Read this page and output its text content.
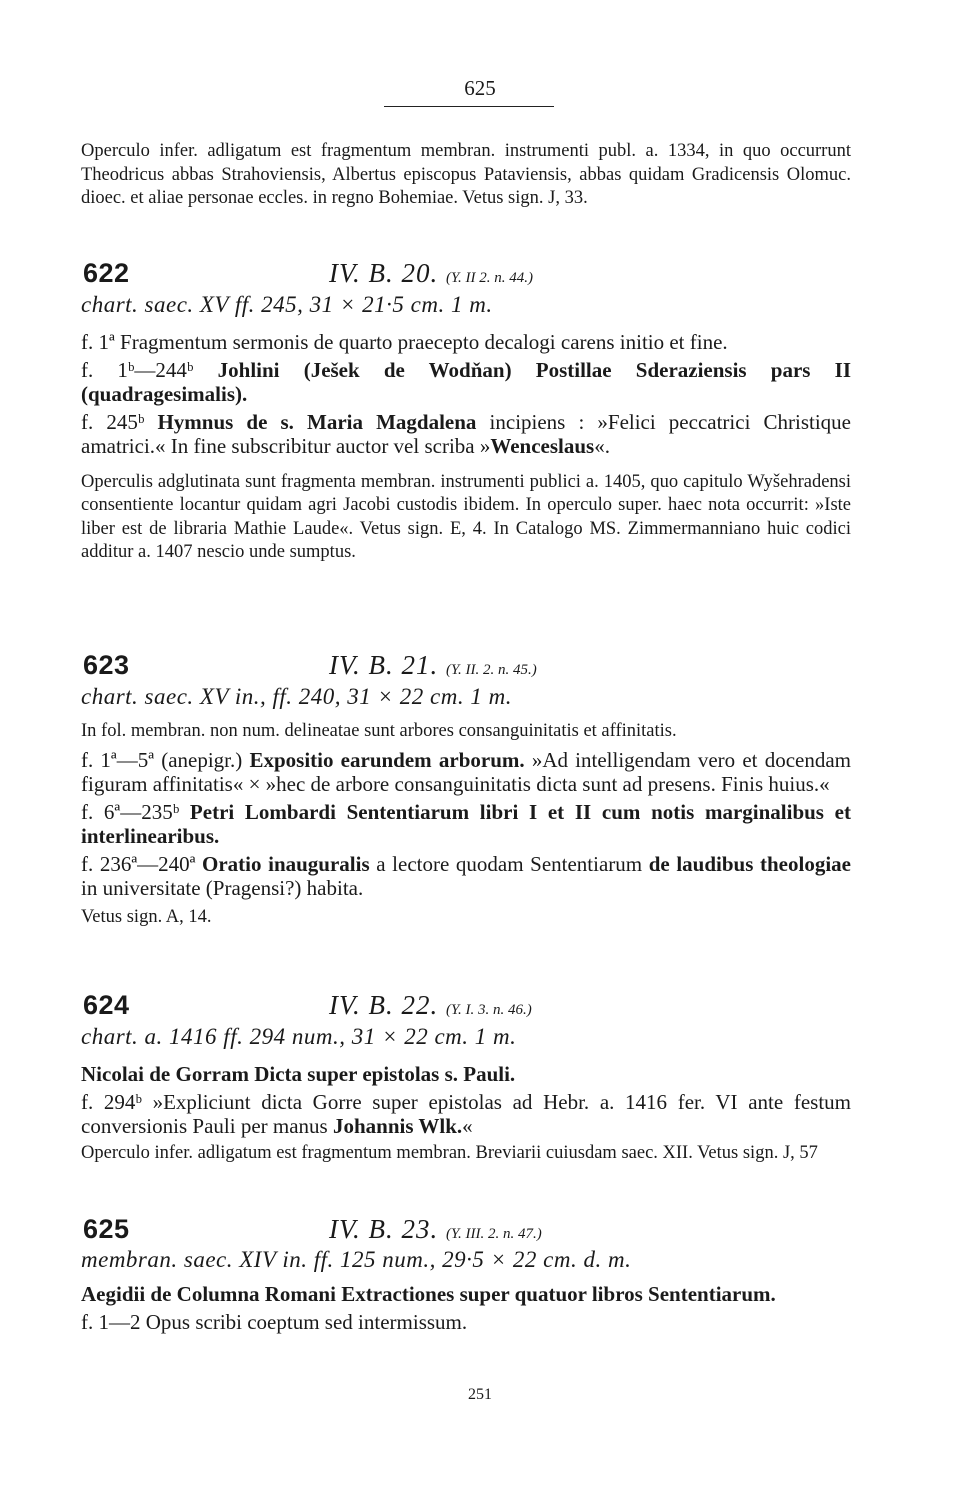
625

Operculo infer. adligatum est fragmentum membran. instrumenti publ. a. 1334, in quo occurrunt Theodricus abbas Strahoviensis, Albertus episcopus Pataviensis, abbas quidam Gradicensis Olomuc. dioec. et aliae personae eccles. in regno Bohemiae. Vetus sign. J, 33.

622	IV. B. 20. (Y. II 2. n. 44.)
chart. saec. XV ff. 245, 31 × 21·5 cm. 1 m.

f. 1ª Fragmentum sermonis de quarto praecepto decalogi carens initio et fine.

f. 1ᵇ—244ᵇ Johlini (Ješek de Wodňan) Postillae Sderaziensis pars II (quadragesimalis).

f. 245ᵇ Hymnus de s. Maria Magdalena incipiens : »Felici peccatrici Christique amatrici.« In fine subscribitur auctor vel scriba »Wenceslaus«.

Operculis adglutinata sunt fragmenta membran. instrumenti publici a. 1405, quo capitulo Wyšehradensi consentiente locantur quidam agri Jacobi custodis ibidem. In operculo super. haec nota occurrit: »Iste liber est de libraria Mathie Laude«. Vetus sign. E, 4. In Catalogo MS. Zimmermanniano huic codici additur a. 1407 nescio unde sumptus.

623	IV. B. 21. (Y. II. 2. n. 45.)
chart. saec. XV in., ff. 240, 31 × 22 cm. 1 m.

In fol. membran. non num. delineatae sunt arbores consanguinitatis et affinitatis.

f. 1ª—5ª (anepigr.) Expositio earundem arborum. »Ad intelligendam vero et docendam figuram affinitatis« × »hec de arbore consanguinitatis dicta sunt ad presens. Finis huius.«

f. 6ª—235ᵇ Petri Lombardi Sententiarum libri I et II cum notis marginalibus et interlinearibus.

f. 236ª—240ª Oratio inauguralis a lectore quodam Sententiarum de laudibus theologiae in universitate (Pragensi?) habita.

Vetus sign. A, 14.

624	IV. B. 22. (Y. I. 3. n. 46.)
chart. a. 1416 ff. 294 num., 31 × 22 cm. 1 m.

Nicolai de Gorram Dicta super epistolas s. Pauli.

f. 294ᵇ »Expliciunt dicta Gorre super epistolas ad Hebr. a. 1416 fer. VI ante festum conversionis Pauli per manus Johannis Wlk.«

Operculo infer. adligatum est fragmentum membran. Breviarii cuiusdam saec. XII. Vetus sign. J, 57

625	IV. B. 23. (Y. III. 2. n. 47.)
membran. saec. XIV in. ff. 125 num., 29·5 × 22 cm. d. m.

Aegidii de Columna Romani Extractiones super quatuor libros Sententiarum.

f. 1—2 Opus scribi coeptum sed intermissum.

251
